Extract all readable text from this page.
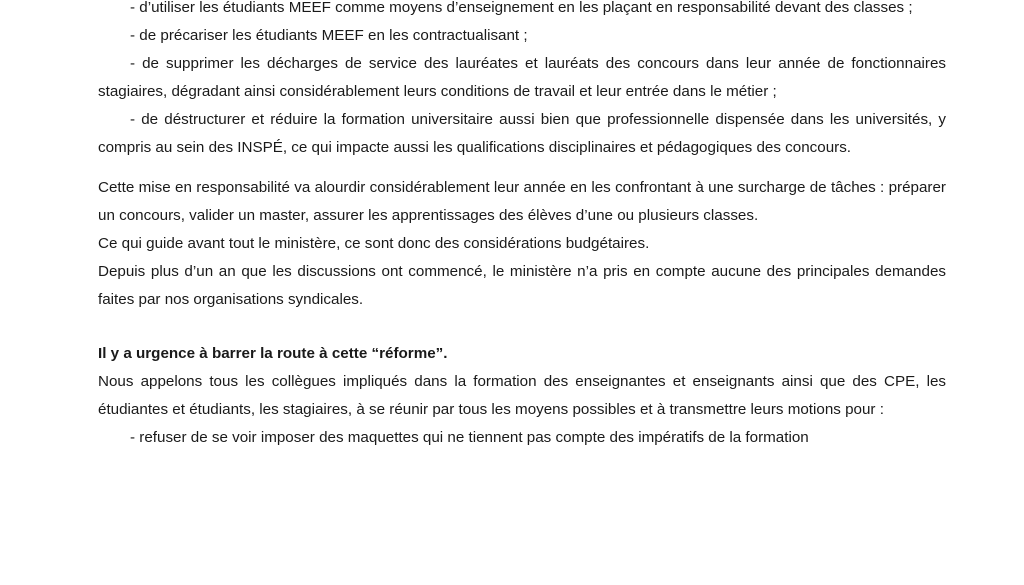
- d’utiliser les étudiants MEEF comme moyens d’enseignement en les plaçant en responsabilité devant des classes ;

- de précariser les étudiants MEEF en les contractualisant ;

- de supprimer les décharges de service des lauréates et lauréats des concours dans leur année de fonctionnaires stagiaires, dégradant ainsi considérablement leurs conditions de travail et leur entrée dans le métier ;

- de déstructurer et réduire la formation universitaire aussi bien que professionnelle dispensée dans les universités, y compris au sein des INSPÉ, ce qui impacte aussi les qualifications disciplinaires et pédagogiques des concours.

Cette mise en responsabilité va alourdir considérablement leur année en les confrontant à une surcharge de tâches : préparer un concours, valider un master, assurer les apprentissages des élèves d’une ou plusieurs classes.

Ce qui guide avant tout le ministère, ce sont donc des considérations budgétaires.

Depuis plus d’un an que les discussions ont commencé, le ministère n’a pris en compte aucune des principales demandes faites par nos organisations syndicales.

Il y a urgence à barrer la route à cette “réforme”.

Nous appelons tous les collègues impliqués dans la formation des enseignantes et enseignants ainsi que des CPE, les étudiantes et étudiants, les stagiaires, à se réunir par tous les moyens possibles et à transmettre leurs motions pour :

- refuser de se voir imposer des maquettes qui ne tiennent pas compte des impératifs de la formation
